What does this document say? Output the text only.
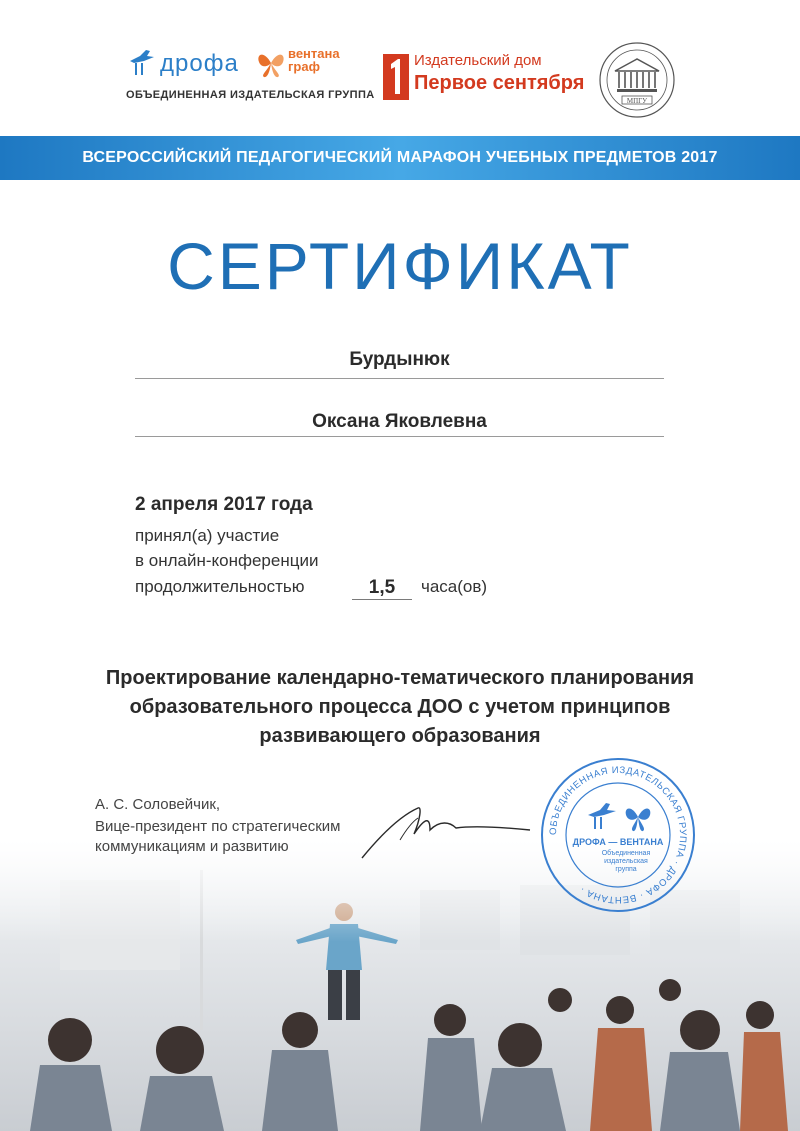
дрофа	вентана
граф
ОБЪЕДИНЕННАЯ ИЗДАТЕЛЬСКАЯ ГРУППА
Издательский дом
Первое сентября
МПГУ
ВСЕРОССИЙСКИЙ ПЕДАГОГИЧЕСКИЙ МАРАФОН УЧЕБНЫХ ПРЕДМЕТОВ 2017
СЕРТИФИКАТ
Бурдынюк
Оксана Яковлевна
2 апреля 2017 года
принял(а) участие
в онлайн-конференции
продолжительностью	1,5	часа(ов)
Проектирование календарно-тематического планирования образовательного процесса ДОО с учетом принципов развивающего образования
А. С. Соловейчик,
Вице-президент по стратегическим
коммуникациям и развитию
ОБЪЕДИНЕННАЯ ИЗДАТЕЛЬСКАЯ ГРУППА · ДРОФА · ВЕНТАНА ·
ДРОФА — ВЕНТАНА
Объединенная
издательская
группа
